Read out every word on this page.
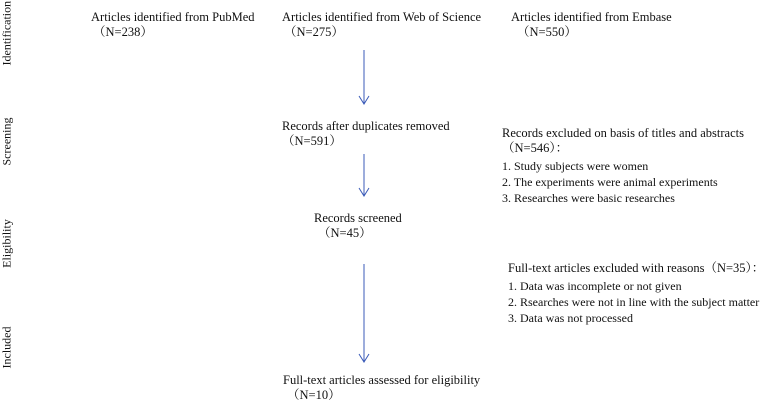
Identification
Screening
Eligibility
Included
Articles identified from PubMed
（N=238）
Articles identified from Web of Science
（N=275）
Articles identified from Embase
（N=550）
Records after duplicates removed
（N=591）
Records excluded on basis of titles and abstracts
（N=546）：
1. Study subjects were women
2. The experiments were animal experiments
3. Researches were basic researches
Records screened
（N=45）
Full-text articles excluded with reasons（N=35）：
1. Data was incomplete or not given
2. Rsearches were not in line with the subject matter
3. Data was not processed
Full-text articles assessed for eligibility
（N=10）
